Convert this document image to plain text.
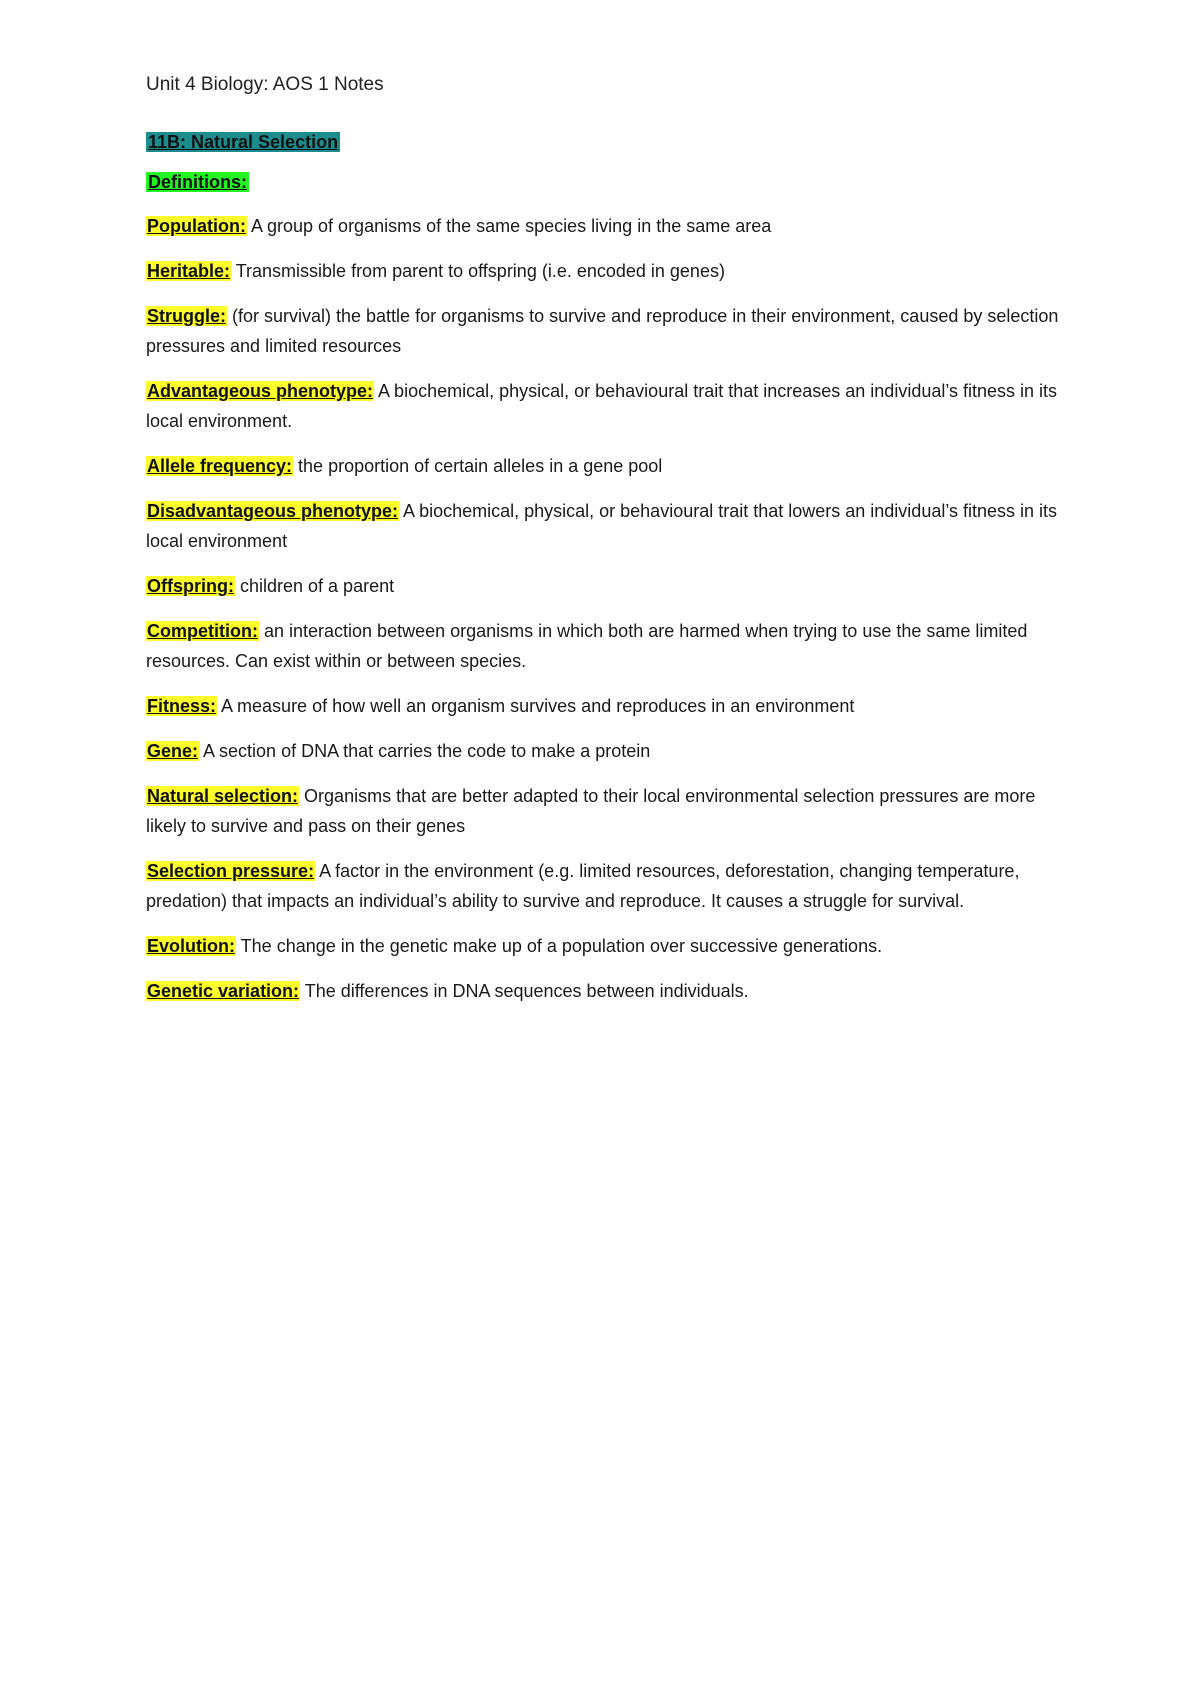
Unit 4 Biology: AOS 1 Notes

11B: Natural Selection

Definitions:

Population: A group of organisms of the same species living in the same area
Heritable: Transmissible from parent to offspring (i.e. encoded in genes)
Struggle: (for survival) the battle for organisms to survive and reproduce in their environment, caused by selection pressures and limited resources
Advantageous phenotype: A biochemical, physical, or behavioural trait that increases an individual’s fitness in its local environment.
Allele frequency: the proportion of certain alleles in a gene pool
Disadvantageous phenotype: A biochemical, physical, or behavioural trait that lowers an individual’s fitness in its local environment
Offspring: children of a parent
Competition: an interaction between organisms in which both are harmed when trying to use the same limited resources. Can exist within or between species.
Fitness: A measure of how well an organism survives and reproduces in an environment
Gene: A section of DNA that carries the code to make a protein
Natural selection: Organisms that are better adapted to their local environmental selection pressures are more likely to survive and pass on their genes
Selection pressure: A factor in the environment (e.g. limited resources, deforestation, changing temperature, predation) that impacts an individual’s ability to survive and reproduce. It causes a struggle for survival.
Evolution: The change in the genetic make up of a population over successive generations.
Genetic variation: The differences in DNA sequences between individuals.
